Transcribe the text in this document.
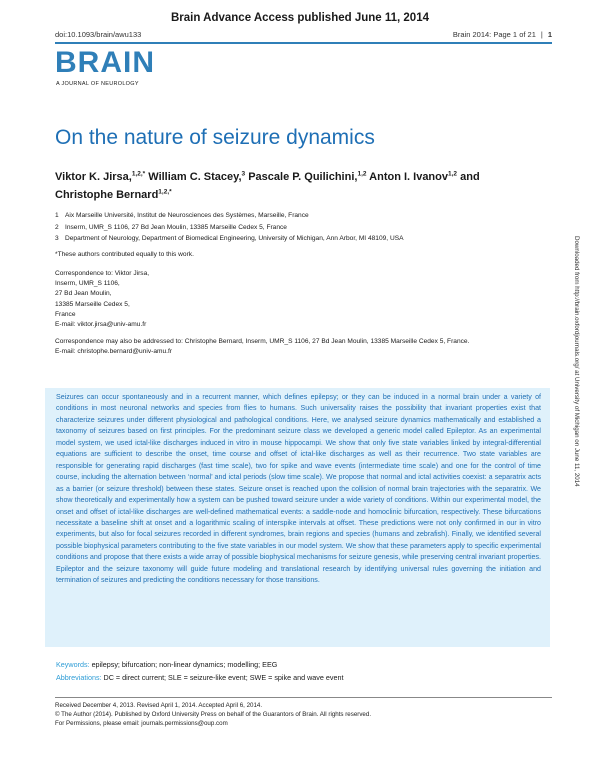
Brain Advance Access published June 11, 2014
doi:10.1093/brain/awu133	Brain 2014: Page 1 of 21 | 1
BRAIN
A JOURNAL OF NEUROLOGY
On the nature of seizure dynamics
Viktor K. Jirsa,$^{1,2,*}$ William C. Stacey,$^3$ Pascale P. Quilichini,$^{1,2}$ Anton I. Ivanov$^{1,2}$ and Christophe Bernard$^{1,2,*}$
1 Aix Marseille Université, Institut de Neurosciences des Systèmes, Marseille, France
2 Inserm, UMR_S 1106, 27 Bd Jean Moulin, 13385 Marseille Cedex 5, France
3 Department of Neurology, Department of Biomedical Engineering, University of Michigan, Ann Arbor, MI 48109, USA
*These authors contributed equally to this work.
Correspondence to: Viktor Jirsa,
Inserm, UMR_S 1106,
27 Bd Jean Moulin,
13385 Marseille Cedex 5,
France
E-mail: viktor.jirsa@univ-amu.fr
Correspondence may also be addressed to: Christophe Bernard, Inserm, UMR_S 1106, 27 Bd Jean Moulin, 13385 Marseille Cedex 5, France.
E-mail: christophe.bernard@univ-amu.fr	Downloaded from http://brain.oxfordjournals.org/ at University of Michigan on June 11, 2014
Seizures can occur spontaneously and in a recurrent manner, which defines epilepsy; or they can be induced in a normal brain under a variety of conditions in most neuronal networks and species from flies to humans. Such universality raises the possibility that invariant properties exist that characterize seizures under different physiological and pathological conditions. Here, we analysed seizure dynamics mathematically and established a taxonomy of seizures based on first principles. For the predominant seizure class we developed a generic model called Epileptor. As an experimental model system, we used ictal-like discharges induced in vitro in mouse hippocampi. We show that only five state variables linked by integral-differential equations are sufficient to describe the onset, time course and offset of ictal-like discharges as well as their recurrence. Two state variables are responsible for generating rapid discharges (fast time scale), two for spike and wave events (intermediate time scale) and one for the control of time course, including the alternation between ‘normal’ and ictal periods (slow time scale). We propose that normal and ictal activities coexist: a separatrix acts as a barrier (or seizure threshold) between these states. Seizure onset is reached upon the collision of normal brain trajectories with the separatrix. We show theoretically and experimentally how a system can be pushed toward seizure under a wide variety of conditions. Within our experimental model, the onset and offset of ictal-like discharges are well-defined mathematical events: a saddle-node and homoclinic bifurcation, respectively. These bifurcations necessitate a baseline shift at onset and a logarithmic scaling of interspike intervals at offset. These predictions were not only confirmed in our in vitro experiments, but also for focal seizures recorded in different syndromes, brain regions and species (humans and zebrafish). Finally, we identified several possible biophysical parameters contributing to the five state variables in our model system. We show that these parameters apply to specific experimental conditions and propose that there exists a wide array of possible biophysical mechanisms for seizure genesis, while preserving central invariant properties. Epileptor and the seizure taxonomy will guide future modeling and translational research by identifying universal rules governing the initiation and termination of seizures and predicting the conditions necessary for those transitions.
Keywords: epilepsy; bifurcation; non-linear dynamics; modelling; EEG
Abbreviations: DC = direct current; SLE = seizure-like event; SWE = spike and wave event
Received December 4, 2013. Revised April 1, 2014. Accepted April 6, 2014.
© The Author (2014). Published by Oxford University Press on behalf of the Guarantors of Brain. All rights reserved.
For Permissions, please email: journals.permissions@oup.com
